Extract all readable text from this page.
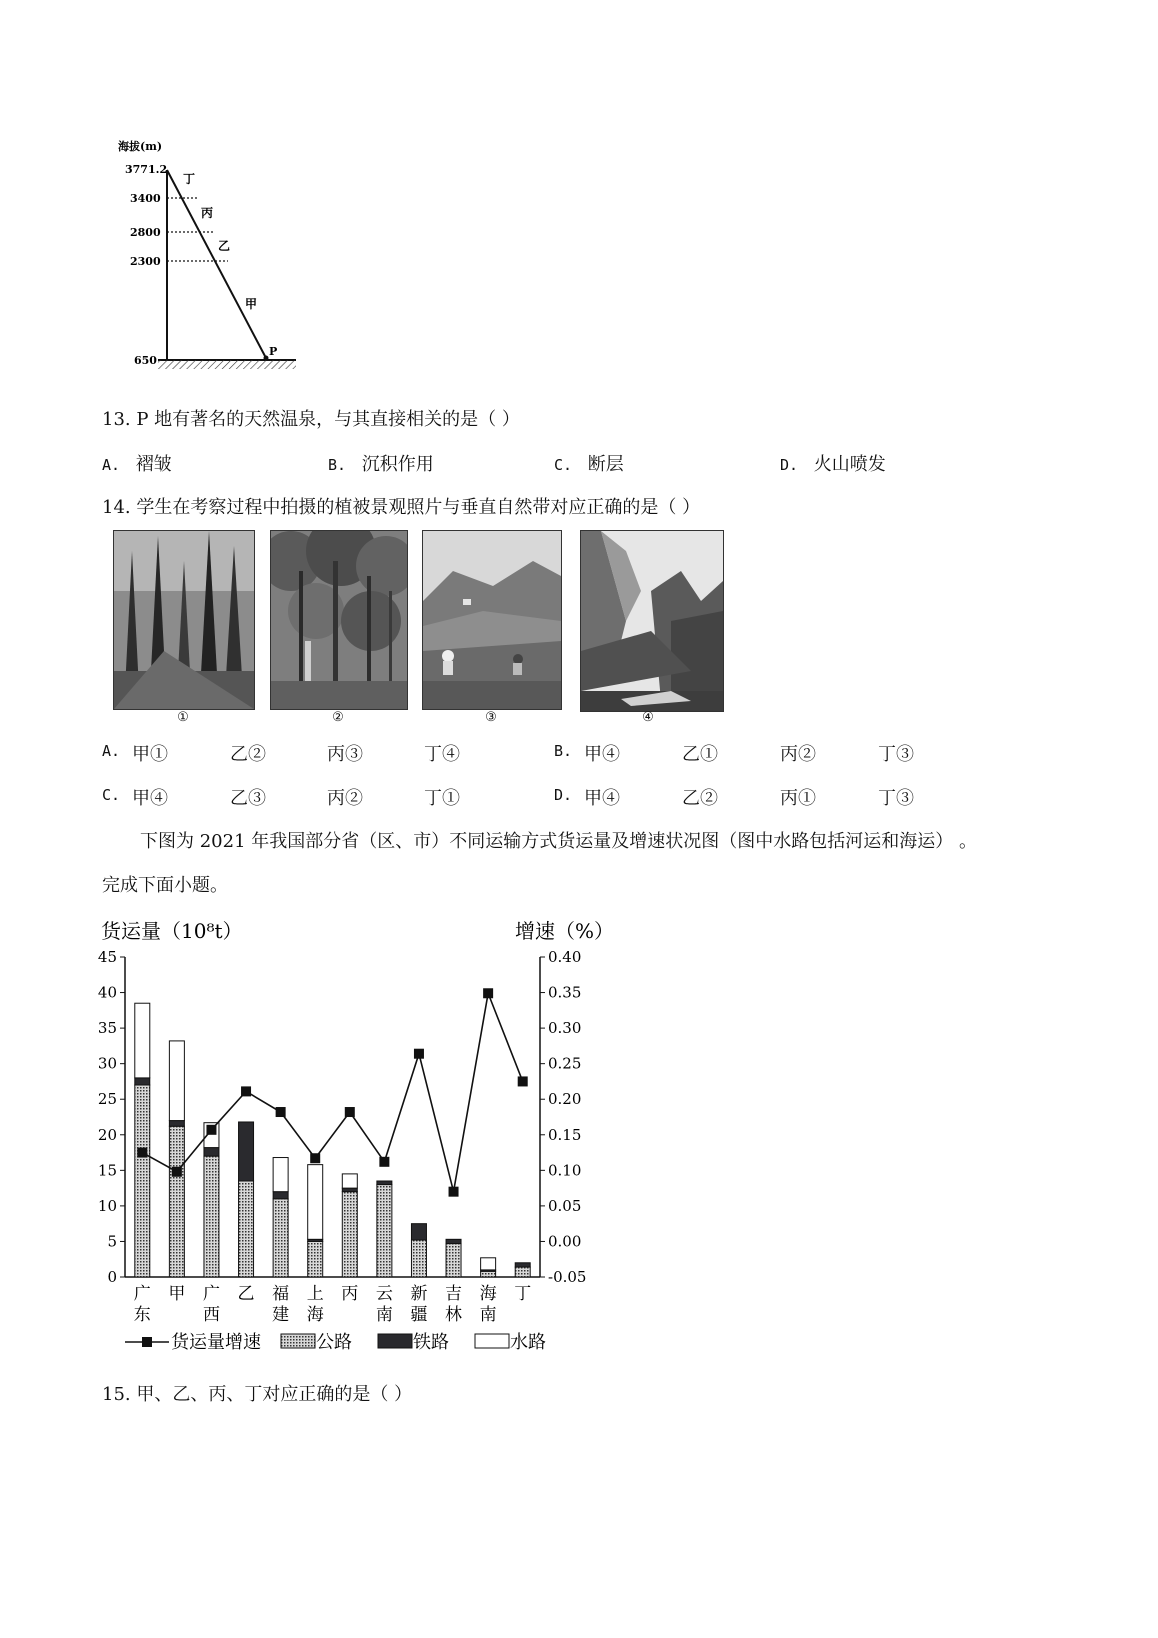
海拔(m)
3771.2
3400
2800
2300
650
丁
丙
乙
甲
P
13. P 地有著名的天然温泉，与其直接相关的是（ ）
A. 褶皱	B. 沉积作用	C. 断层	D. 火山喷发
14. 学生在考察过程中拍摄的植被景观照片与垂直自然带对应正确的是（ ）
①	②	③	④
A. 甲①	乙②	丙③	丁④	B. 甲④	乙①	丙②	丁③
C. 甲④	乙③	丙②	丁①	D. 甲④	乙②	丙①	丁③
下图为 2021 年我国部分省（区、市）不同运输方式货运量及增速状况图（图中水路包括河运和海运） 。
完成下面小题。
货运量（10⁸t）	增速（%）
0
5
10
15
20
25
30
35
40
45
-0.05
0.00
0.05
0.10
0.15
0.20
0.25
0.30
0.35
0.40
广
东
甲 广
西
乙 福
建
上
海
丙 云
南
新
疆
吉
林
海
南
丁
货运量增速	公路	铁路	水路
15. 甲、乙、丙、丁对应正确的是（ ）
